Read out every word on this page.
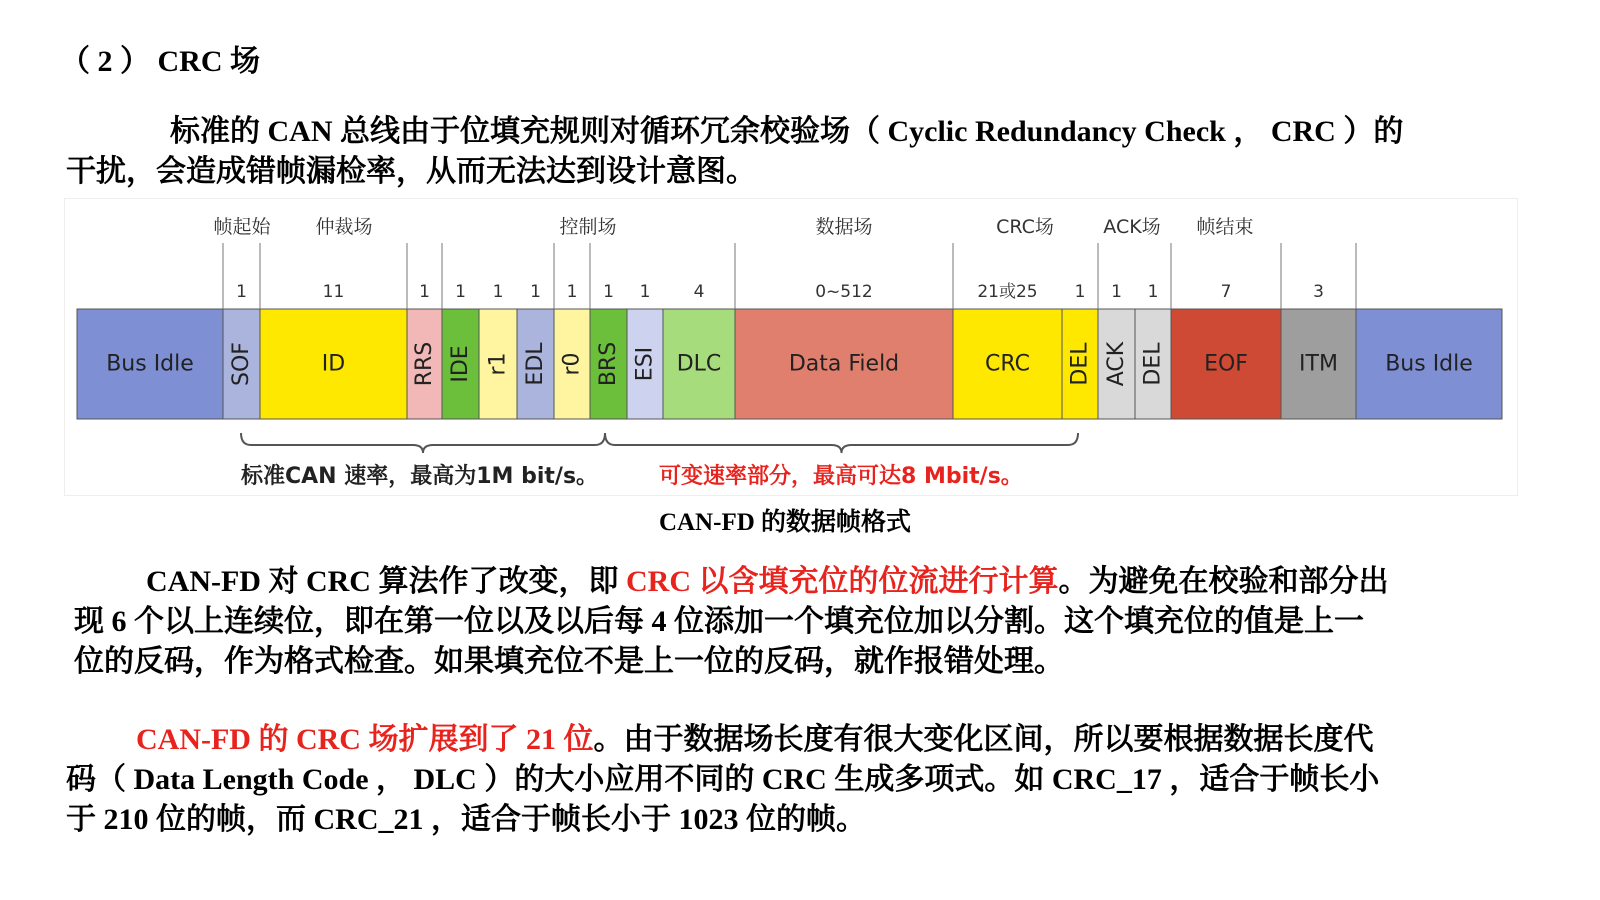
（ 2 ） CRC 场
标准的 CAN 总线由于位填充规则对循环冗余校验场（ Cyclic Redundancy Check ， CRC ）的
干扰，会造成错帧漏检率，从而无法达到设计意图。
Bus Idle SOF	ID	RRS IDE r1 EDL r0 BRS ESI DLC	Data Field	CRC DEL ACK DEL EOF ITM Bus Idle
1	11	1 1 1 1 1 1 1	4	0~512	21或25 1 1 1	7	3
帧起始 仲裁场	控制场	数据场	CRC场	ACK场 帧结束
标准CAN 速率，最高为1M bit/s。	可变速率部分，最高可达8 Mbit/s。
CAN-FD 的数据帧格式
CAN-FD 对 CRC 算法作了改变，即 CRC 以含填充位的位流进行计算。为避免在校验和部分出
现 6 个以上连续位，即在第一位以及以后每 4 位添加一个填充位加以分割。这个填充位的值是上一
位的反码，作为格式检查。如果填充位不是上一位的反码，就作报错处理。
CAN-FD 的 CRC 场扩展到了 21 位。由于数据场长度有很大变化区间，所以要根据数据长度代
码（ Data Length Code ， DLC ）的大小应用不同的 CRC 生成多项式。如 CRC_17 ，适合于帧长小
于 210 位的帧，而 CRC_21 ，适合于帧长小于 1023 位的帧。
